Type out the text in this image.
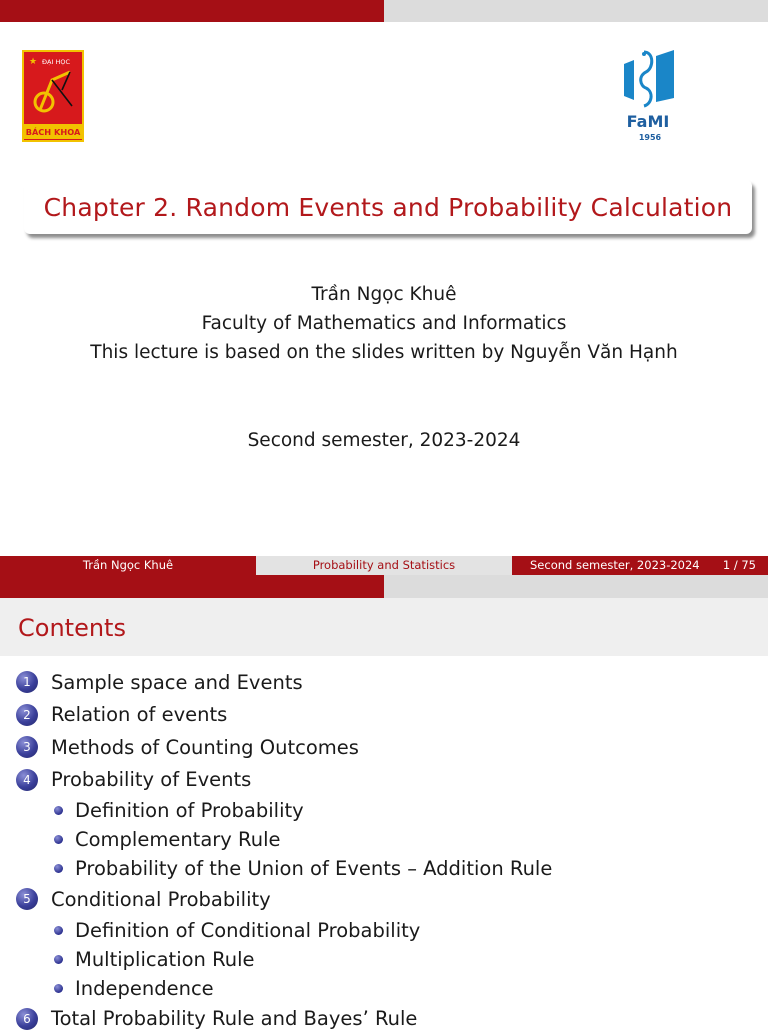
★ ĐẠI HỌC
BÁCH KHOA
FaMI
1956
Chapter 2. Random Events and Probability Calculation
Trần Ngọc Khuê
Faculty of Mathematics and Informatics
This lecture is based on the slides written by Nguyễn Văn Hạnh
Second semester, 2023-2024
Trần Ngọc Khuê	Probability and Statistics	Second semester, 2023-2024 1 / 75
Contents
1	Sample space and Events
2	Relation of events
3	Methods of Counting Outcomes
4	Probability of Events
Definition of Probability
Complementary Rule
Probability of the Union of Events – Addition Rule
5	Conditional Probability
Definition of Conditional Probability
Multiplication Rule
Independence
6	Total Probability Rule and Bayes’ Rule
